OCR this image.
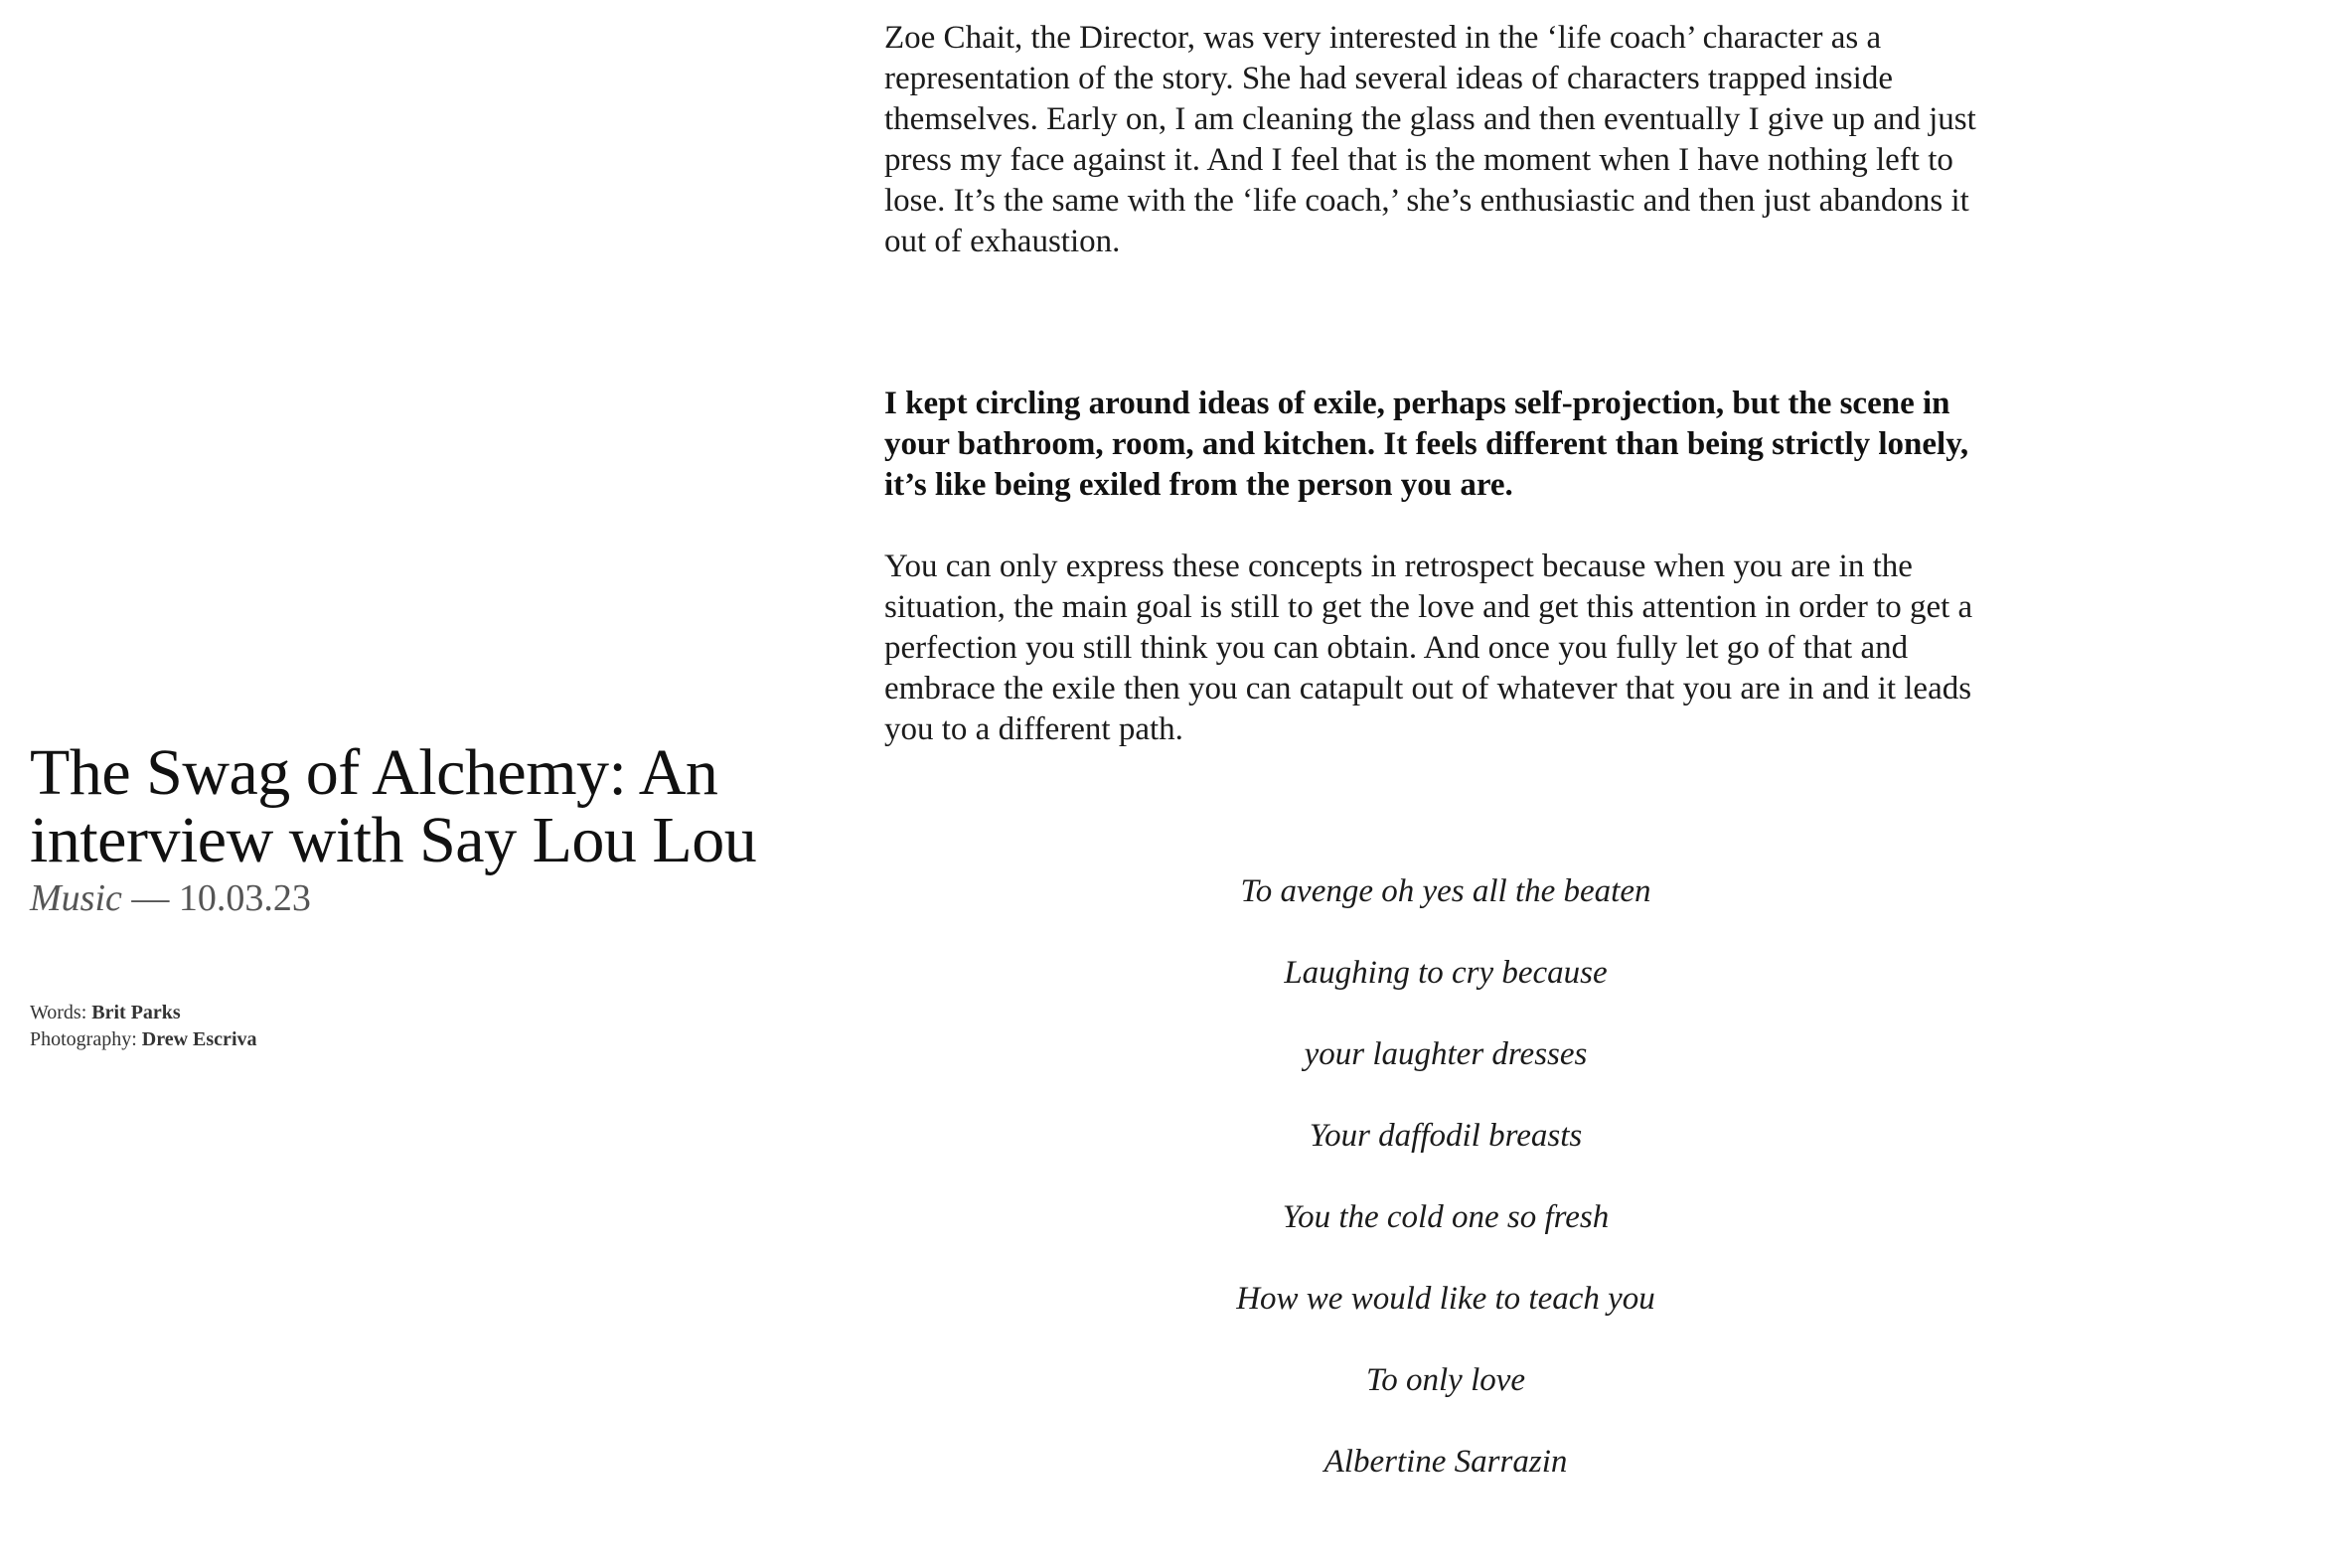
The Swag of Alchemy: An interview with Say Lou Lou
Music — 10.03.23
Words: Brit Parks
Photography: Drew Escriva

Zoe Chait, the Director, was very interested in the ‘life coach’ character as a representation of the story. She had several ideas of characters trapped inside themselves. Early on, I am cleaning the glass and then eventually I give up and just press my face against it. And I feel that is the moment when I have nothing left to lose. It’s the same with the ‘life coach,’ she’s enthusiastic and then just abandons it out of exhaustion.

I kept circling around ideas of exile, perhaps self-projection, but the scene in your bathroom, room, and kitchen. It feels different than being strictly lonely, it’s like being exiled from the person you are.

You can only express these concepts in retrospect because when you are in the situation, the main goal is still to get the love and get this attention in order to get a perfection you still think you can obtain. And once you fully let go of that and embrace the exile then you can catapult out of whatever that you are in and it leads you to a different path.

To avenge oh yes all the beaten

Laughing to cry because

your laughter dresses

Your daffodil breasts

You the cold one so fresh

How we would like to teach you

To only love

Albertine Sarrazin
